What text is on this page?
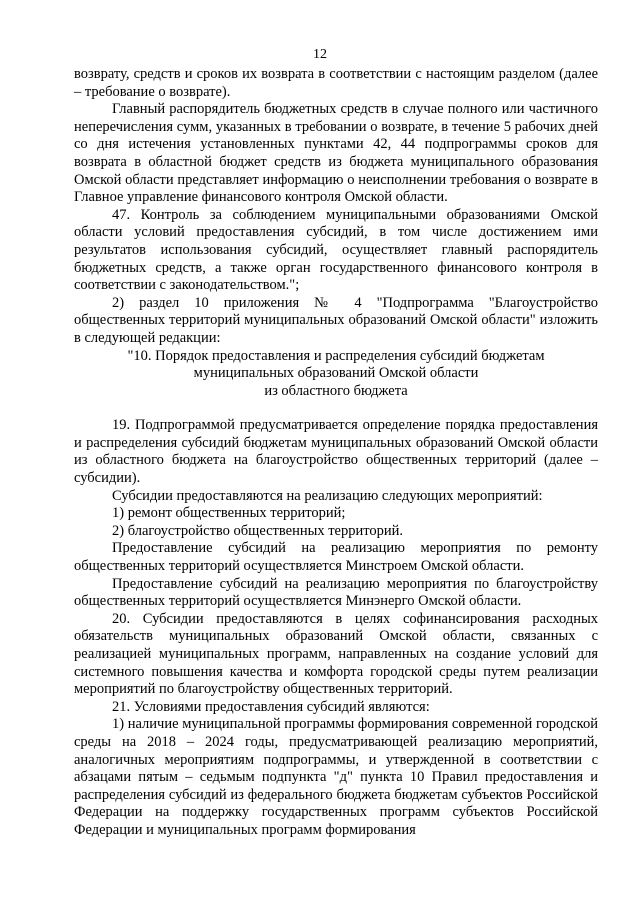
12

возврату, средств и сроков их возврата в соответствии с настоящим разделом (далее – требование о возврате).

Главный распорядитель бюджетных средств в случае полного или частичного неперечисления сумм, указанных в требовании о возврате, в течение 5 рабочих дней со дня истечения установленных пунктами 42, 44 подпрограммы сроков для возврата в областной бюджет средств из бюджета муниципального образования Омской области представляет информацию о неисполнении требования о возврате в Главное управление финансового контроля Омской области.

47. Контроль за соблюдением муниципальными образованиями Омской области условий предоставления субсидий, в том числе достижением ими результатов использования субсидий, осуществляет главный распорядитель бюджетных средств, а также орган государственного финансового контроля в соответствии с законодательством.";

2) раздел 10 приложения № 4 "Подпрограмма "Благоустройство общественных территорий муниципальных образований Омской области" изложить в следующей редакции:

"10. Порядок предоставления и распределения субсидий бюджетам
муниципальных образований Омской области
из областного бюджета

19. Подпрограммой предусматривается определение порядка предоставления и распределения субсидий бюджетам муниципальных образований Омской области из областного бюджета на благоустройство общественных территорий (далее – субсидии).

Субсидии предоставляются на реализацию следующих мероприятий:

1) ремонт общественных территорий;

2) благоустройство общественных территорий.

Предоставление субсидий на реализацию мероприятия по ремонту общественных территорий осуществляется Минстроем Омской области.

Предоставление субсидий на реализацию мероприятия по благоустройству общественных территорий осуществляется Минэнерго Омской области.

20. Субсидии предоставляются в целях софинансирования расходных обязательств муниципальных образований Омской области, связанных с реализацией муниципальных программ, направленных на создание условий для системного повышения качества и комфорта городской среды путем реализации мероприятий по благоустройству общественных территорий.

21. Условиями предоставления субсидий являются:

1) наличие муниципальной программы формирования современной городской среды на 2018 – 2024 годы, предусматривающей реализацию мероприятий, аналогичных мероприятиям подпрограммы, и утвержденной в соответствии с абзацами пятым – седьмым подпункта "д" пункта 10 Правил предоставления и распределения субсидий из федерального бюджета бюджетам субъектов Российской Федерации на поддержку государственных программ субъектов Российской Федерации и муниципальных программ формирования
